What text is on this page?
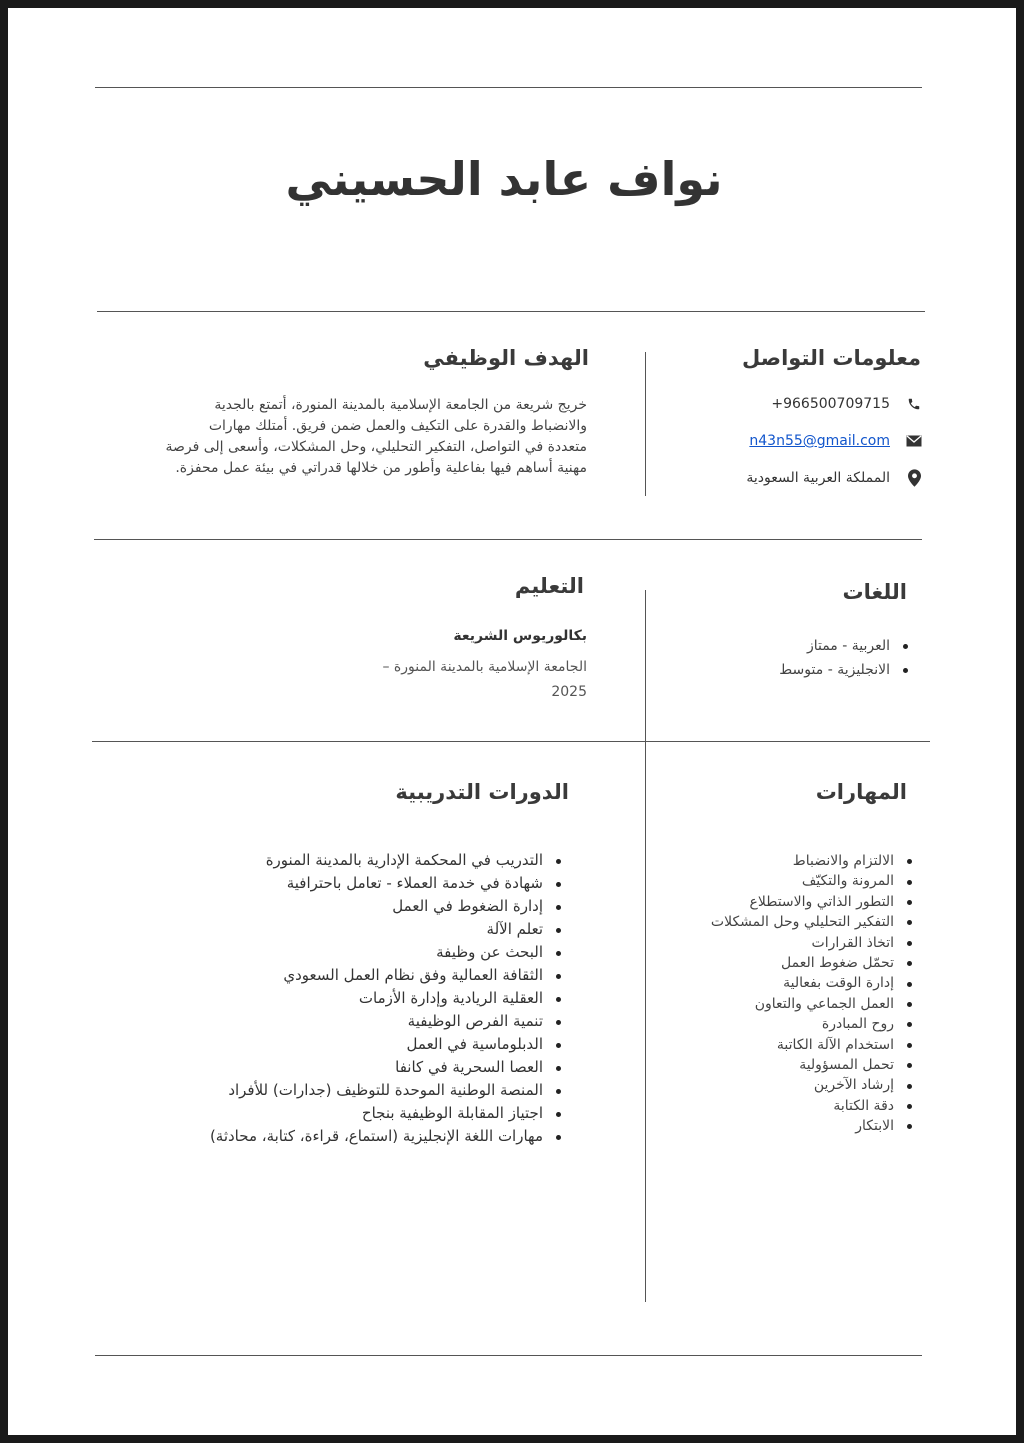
نواف عابد الحسيني
معلومات التواصل
+966500709715
n43n55@gmail.com
المملكة العربية السعودية
الهدف الوظيفي
خريج شريعة من الجامعة الإسلامية بالمدينة المنورة، أتمتع بالجدية
والانضباط والقدرة على التكيف والعمل ضمن فريق. أمتلك مهارات
متعددة في التواصل، التفكير التحليلي، وحل المشكلات، وأسعى إلى فرصة
مهنية أساهم فيها بفاعلية وأطور من خلالها قدراتي في بيئة عمل محفزة.
اللغات
العربية - ممتاز
الانجليزية - متوسط
التعليم
بكالوريوس الشريعة
الجامعة الإسلامية بالمدينة المنورة –
2025
المهارات
الالتزام والانضباط
المرونة والتكيّف
التطور الذاتي والاستطلاع
التفكير التحليلي وحل المشكلات
اتخاذ القرارات
تحمّل ضغوط العمل
إدارة الوقت بفعالية
العمل الجماعي والتعاون
روح المبادرة
استخدام الآلة الكاتبة
تحمل المسؤولية
إرشاد الآخرين
دقة الكتابة
الابتكار
الدورات التدريبية
التدريب في المحكمة الإدارية بالمدينة المنورة
شهادة في خدمة العملاء - تعامل باحترافية
إدارة الضغوط في العمل
تعلم الآلة
البحث عن وظيفة
الثقافة العمالية وفق نظام العمل السعودي
العقلية الريادية وإدارة الأزمات
تنمية الفرص الوظيفية
الدبلوماسية في العمل
العصا السحرية في كانفا
المنصة الوطنية الموحدة للتوظيف (جدارات) للأفراد
اجتياز المقابلة الوظيفية بنجاح
مهارات اللغة الإنجليزية (استماع، قراءة، كتابة، محادثة)
